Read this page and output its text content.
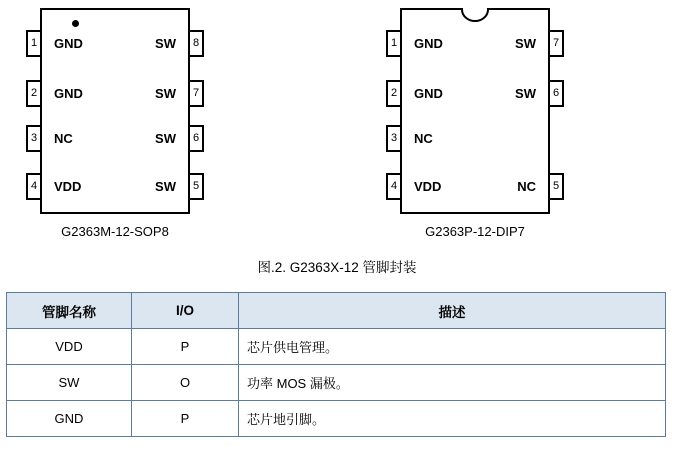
1
2
3
4
8
7
6
5
GND
GND
NC
VDD
SW
SW
SW
SW
G2363M-12-SOP8
1
2
3
4
7
6
5
GND
GND
NC
VDD
SW
SW
NC
G2363P-12-DIP7
图.2. G2363X-12 管脚封装
管脚名称	I/O	描述
VDD	P	芯片供电管理。
SW	O	功率 MOS 漏极。
GND	P	芯片地引脚。
